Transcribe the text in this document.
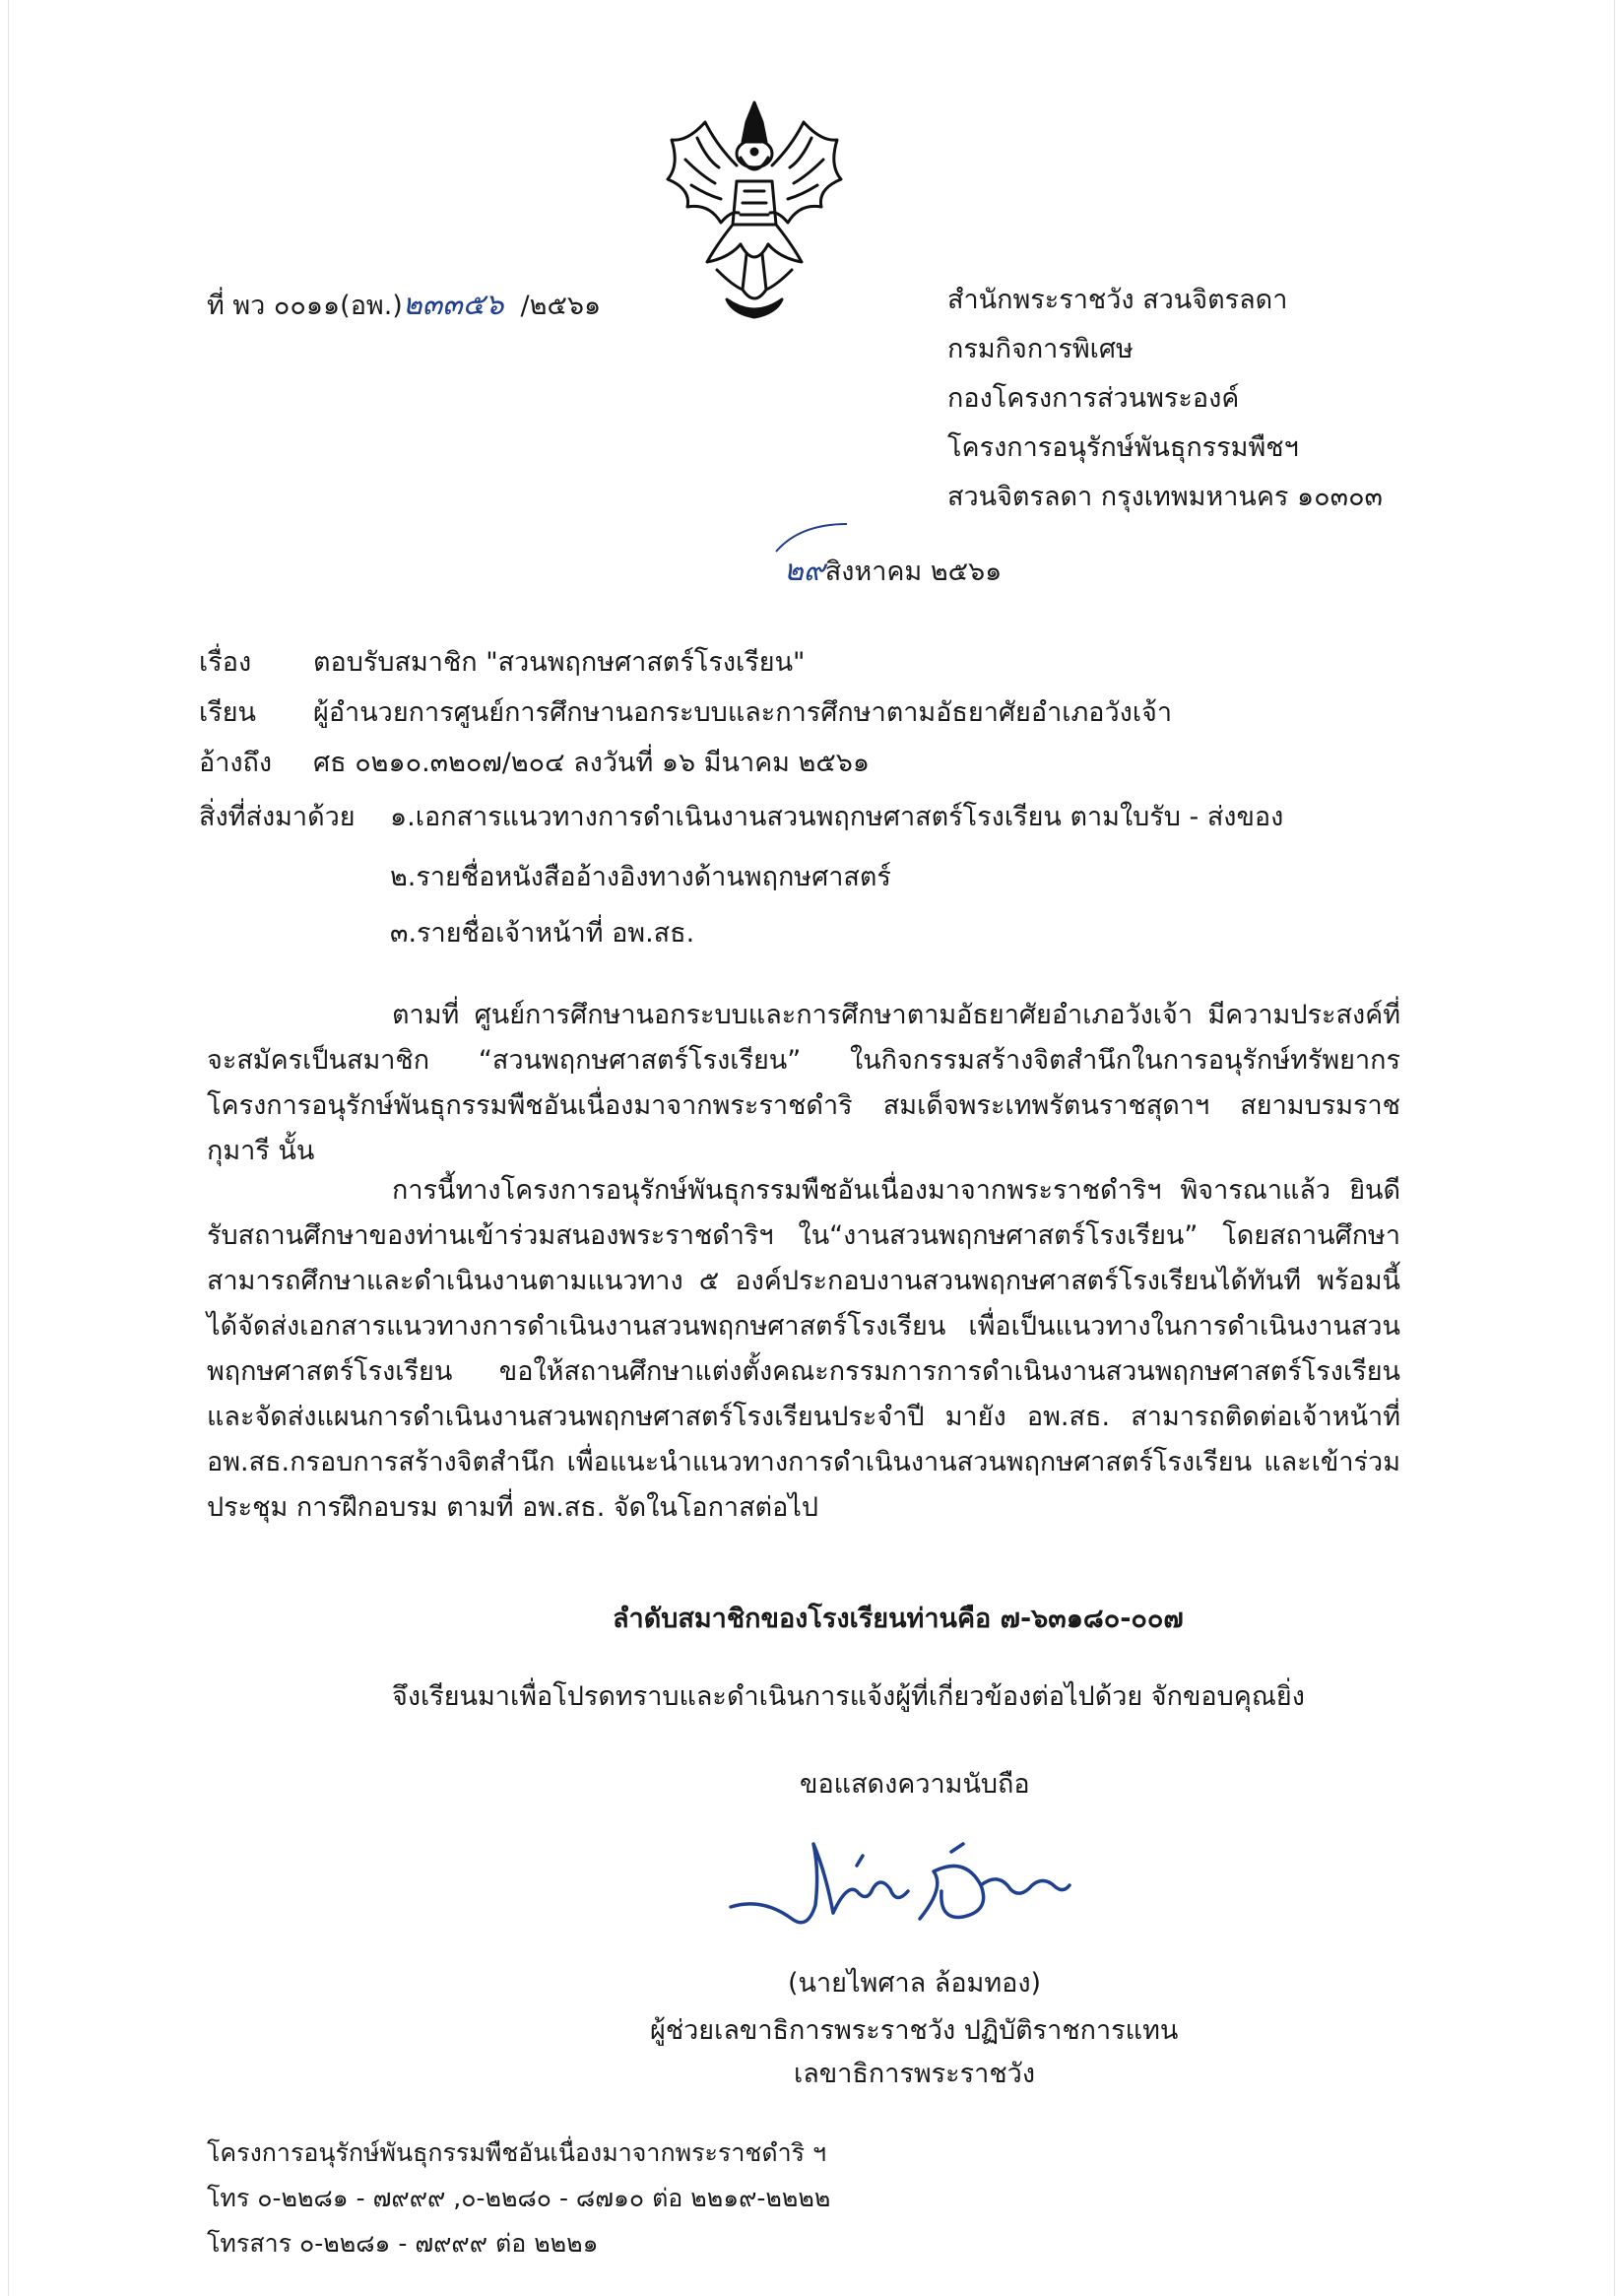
ที่ พว ๐๐๑๑(อพ.)๒๓๓๕๖ /๒๕๖๑	สำนักพระราชวัง สวนจิตรลดา
กรมกิจการพิเศษ
กองโครงการส่วนพระองค์
โครงการอนุรักษ์พันธุกรรมพืชฯ
สวนจิตรลดา กรุงเทพมหานคร ๑๐๓๐๓
๒๙สิงหาคม ๒๕๖๑
เรื่อง ตอบรับสมาชิก "สวนพฤกษศาสตร์โรงเรียน"
เรียน ผู้อำนวยการศูนย์การศึกษานอกระบบและการศึกษาตามอัธยาศัยอำเภอวังเจ้า
อ้างถึง ศธ ๐๒๑๐.๓๒๐๗/๒๐๔ ลงวันที่ ๑๖ มีนาคม ๒๕๖๑
สิ่งที่ส่งมาด้วย ๑.เอกสารแนวทางการดำเนินงานสวนพฤกษศาสตร์โรงเรียน ตามใบรับ - ส่งของ
๒.รายชื่อหนังสืออ้างอิงทางด้านพฤกษศาสตร์
๓.รายชื่อเจ้าหน้าที่ อพ.สธ.
ตามที่ ศูนย์การศึกษานอกระบบและการศึกษาตามอัธยาศัยอำเภอวังเจ้า มีความประสงค์ที่จะสมัครเป็นสมาชิก “สวนพฤกษศาสตร์โรงเรียน” ในกิจกรรมสร้างจิตสำนึกในการอนุรักษ์ทรัพยากร โครงการอนุรักษ์พันธุกรรมพืชอันเนื่องมาจากพระราชดำริ สมเด็จพระเทพรัตนราชสุดาฯ สยามบรมราชกุมารี นั้น
การนี้ทางโครงการอนุรักษ์พันธุกรรมพืชอันเนื่องมาจากพระราชดำริฯ พิจารณาแล้ว ยินดีรับสถานศึกษาของท่านเข้าร่วมสนองพระราชดำริฯ ใน“งานสวนพฤกษศาสตร์โรงเรียน” โดยสถานศึกษาสามารถศึกษาและดำเนินงานตามแนวทาง ๕ องค์ประกอบงานสวนพฤกษศาสตร์โรงเรียนได้ทันที พร้อมนี้ได้จัดส่งเอกสารแนวทางการดำเนินงานสวนพฤกษศาสตร์โรงเรียน เพื่อเป็นแนวทางในการดำเนินงานสวนพฤกษศาสตร์โรงเรียน ขอให้สถานศึกษาแต่งตั้งคณะกรรมการการดำเนินงานสวนพฤกษศาสตร์โรงเรียน และจัดส่งแผนการดำเนินงานสวนพฤกษศาสตร์โรงเรียนประจำปี มายัง อพ.สธ. สามารถติดต่อเจ้าหน้าที่ อพ.สธ.กรอบการสร้างจิตสำนึก เพื่อแนะนำแนวทางการดำเนินงานสวนพฤกษศาสตร์โรงเรียน และเข้าร่วมประชุม การฝึกอบรม ตามที่ อพ.สธ. จัดในโอกาสต่อไป
ลำดับสมาชิกของโรงเรียนท่านคือ ๗-๖๓๑๘๐-๐๐๗
จึงเรียนมาเพื่อโปรดทราบและดำเนินการแจ้งผู้ที่เกี่ยวข้องต่อไปด้วย จักขอบคุณยิ่ง
ขอแสดงความนับถือ
(นายไพศาล ล้อมทอง)
ผู้ช่วยเลขาธิการพระราชวัง ปฏิบัติราชการแทน
เลขาธิการพระราชวัง
โครงการอนุรักษ์พันธุกรรมพืชอันเนื่องมาจากพระราชดำริ ฯ
โทร ๐-๒๒๘๑ - ๗๙๙๙ ,๐-๒๒๘๐ - ๘๗๑๐ ต่อ ๒๒๑๙-๒๒๒๒
โทรสาร ๐-๒๒๘๑ - ๗๙๙๙ ต่อ ๒๒๒๑
